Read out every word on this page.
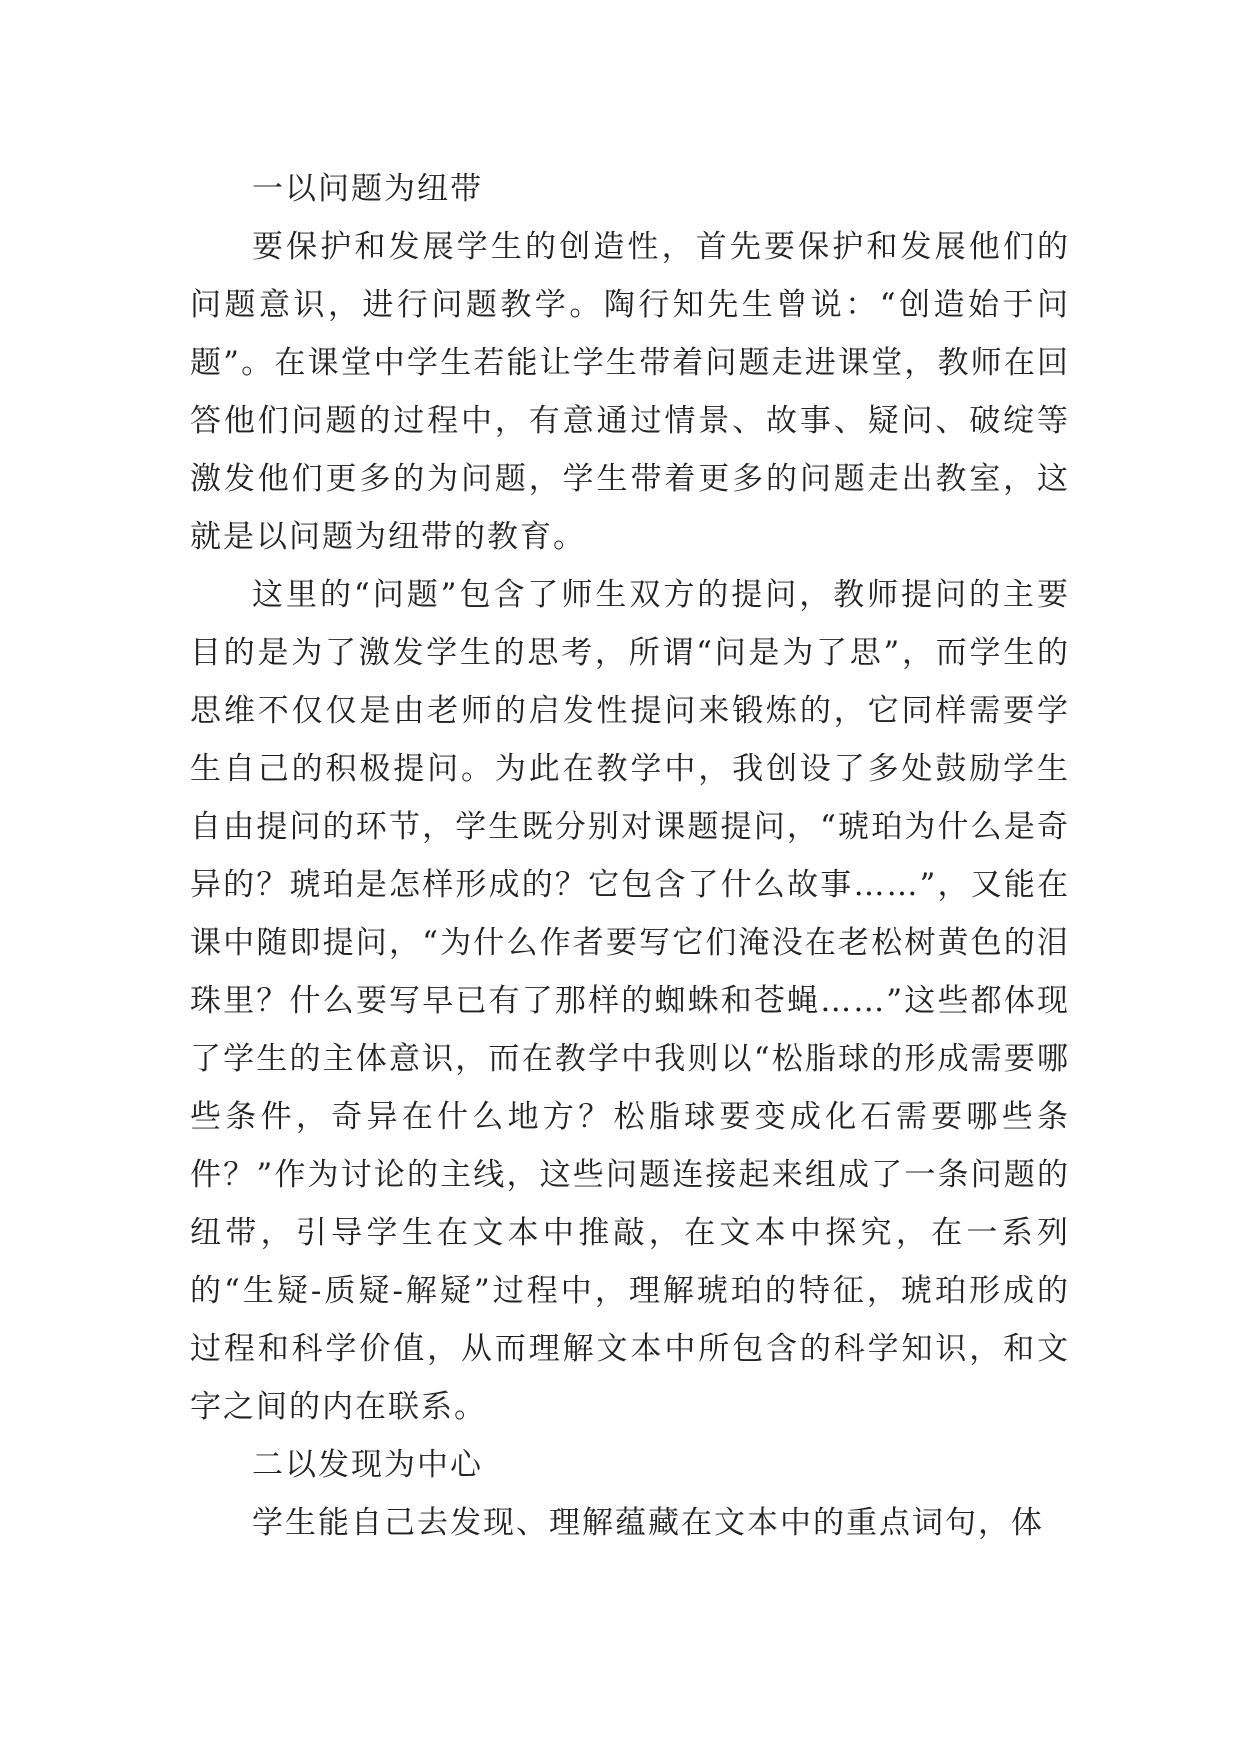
一以问题为纽带

要保护和发展学生的创造性，首先要保护和发展他们的问题意识，进行问题教学。陶行知先生曾说：“创造始于问题”。在课堂中学生若能让学生带着问题走进课堂，教师在回答他们问题的过程中，有意通过情景、故事、疑问、破绽等激发他们更多的为问题，学生带着更多的问题走出教室，这就是以问题为纽带的教育。

这里的“问题”包含了师生双方的提问，教师提问的主要目的是为了激发学生的思考，所谓“问是为了思”，而学生的思维不仅仅是由老师的启发性提问来锻炼的，它同样需要学生自己的积极提问。为此在教学中，我创设了多处鼓励学生自由提问的环节，学生既分别对课题提问，“琥珀为什么是奇异的？琥珀是怎样形成的？它包含了什么故事……”，又能在课中随即提问，“为什么作者要写它们淹没在老松树黄色的泪珠里？什么要写早已有了那样的蜘蛛和苍蝇……”这些都体现了学生的主体意识，而在教学中我则以“松脂球的形成需要哪些条件，奇异在什么地方？松脂球要变成化石需要哪些条件？”作为讨论的主线，这些问题连接起来组成了一条问题的纽带，引导学生在文本中推敲，在文本中探究，在一系列的“生疑-质疑-解疑”过程中，理解琥珀的特征，琥珀形成的过程和科学价值，从而理解文本中所包含的科学知识，和文字之间的内在联系。

二以发现为中心

学生能自己去发现、理解蕴藏在文本中的重点词句，体
